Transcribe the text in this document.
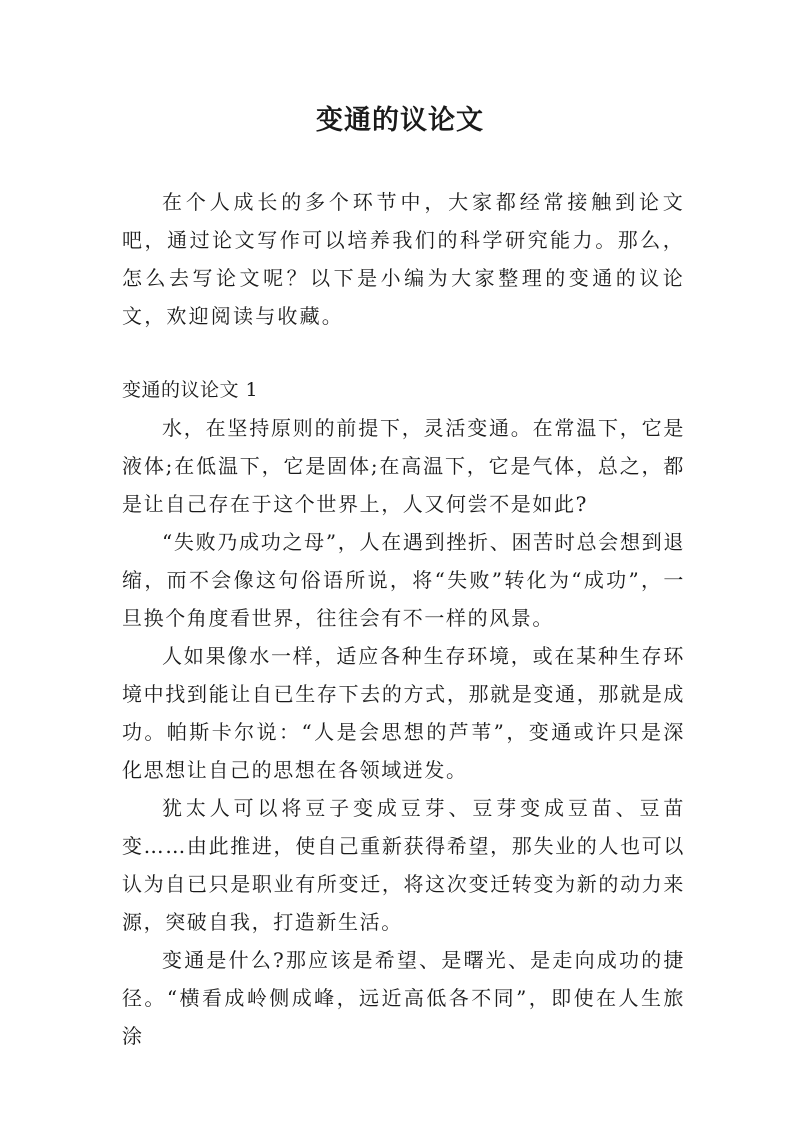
变通的议论文

在个人成长的多个环节中，大家都经常接触到论文吧，通过论文写作可以培养我们的科学研究能力。那么，怎么去写论文呢？以下是小编为大家整理的变通的议论文，欢迎阅读与收藏。

变通的议论文 1

水，在坚持原则的前提下，灵活变通。在常温下，它是液体;在低温下，它是固体;在高温下，它是气体，总之，都是让自己存在于这个世界上，人又何尝不是如此?

“失败乃成功之母”，人在遇到挫折、困苦时总会想到退缩，而不会像这句俗语所说，将“失败”转化为“成功”，一旦换个角度看世界，往往会有不一样的风景。

人如果像水一样，适应各种生存环境，或在某种生存环境中找到能让自已生存下去的方式，那就是变通，那就是成功。帕斯卡尔说：“人是会思想的芦苇”，变通或许只是深化思想让自己的思想在各领域迸发。

犹太人可以将豆子变成豆芽、豆芽变成豆苗、豆苗变……由此推进，使自己重新获得希望，那失业的人也可以认为自已只是职业有所变迁，将这次变迁转变为新的动力来源，突破自我，打造新生活。

变通是什么?那应该是希望、是曙光、是走向成功的捷径。“横看成岭侧成峰，远近高低各不同”，即使在人生旅涂
